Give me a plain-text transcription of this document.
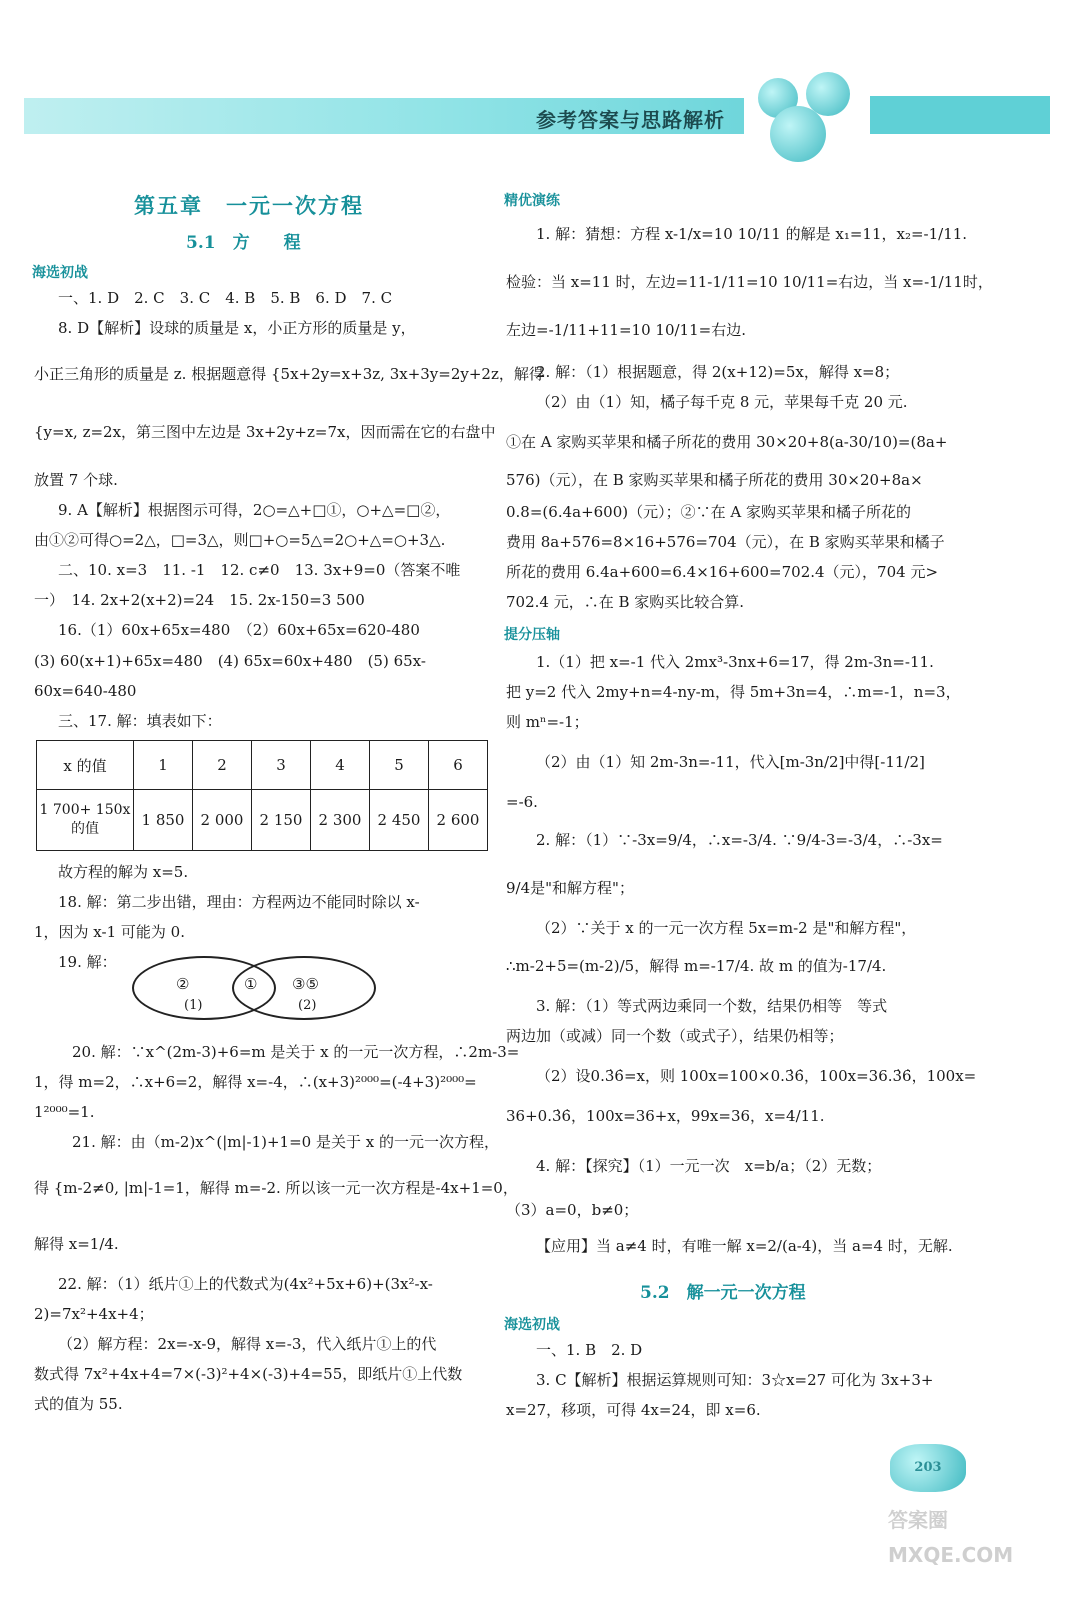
参考答案与思路解析
第五章　一元一次方程
5.1　方　　程
海选初战
一、1. D　2. C　3. C　4. B　5. B　6. D　7. C
8. D【解析】设球的质量是 x，小正方形的质量是 y，
小正三角形的质量是 z. 根据题意得 {5x+2y=x+3z, 3x+3y=2y+2z，解得
{y=x, z=2x，第三图中左边是 3x+2y+z=7x，因而需在它的右盘中
放置 7 个球.
9. A【解析】根据图示可得，2○=△+□①，○+△=□②，
由①②可得○=2△，□=3△，则□+○=5△=2○+△=○+3△.
二、10. x=3　11. -1　12. c≠0　13. 3x+9=0（答案不唯
一）　14. 2x+2(x+2)=24　15. 2x-150=3 500
16.（1）60x+65x=480　（2）60x+65x=620-480
(3) 60(x+1)+65x=480　(4) 65x=60x+480　(5) 65x-
60x=640-480
三、17. 解：填表如下：
x 的值	1	2	3	4	5	6
1 700+ 150x 的值	1 850	2 000	2 150	2 300	2 450	2 600
故方程的解为 x=5.
18. 解：第二步出错，理由：方程两边不能同时除以 x-
1，因为 x-1 可能为 0.
19. 解：
②
(1)
① ③⑤
(2)
20. 解：∵x^(2m-3)+6=m 是关于 x 的一元一次方程，∴2m-3=
1，得 m=2，∴x+6=2，解得 x=-4，∴(x+3)²⁰⁰⁰=(-4+3)²⁰⁰⁰=
1²⁰⁰⁰=1.
21. 解：由（m-2)x^(|m|-1)+1=0 是关于 x 的一元一次方程，
得 {m-2≠0, |m|-1=1，解得 m=-2. 所以该一元一次方程是-4x+1=0，
解得 x=1/4.
22. 解：（1）纸片①上的代数式为(4x²+5x+6)+(3x²-x-
2)=7x²+4x+4；
（2）解方程：2x=-x-9，解得 x=-3，代入纸片①上的代
数式得 7x²+4x+4=7×(-3)²+4×(-3)+4=55，即纸片①上代数
式的值为 55.
精优演练
1. 解：猜想：方程 x-1/x=10 10/11 的解是 x₁=11，x₂=-1/11.
检验：当 x=11 时，左边=11-1/11=10 10/11=右边，当 x=-1/11时，
左边=-1/11+11=10 10/11=右边.
2. 解：（1）根据题意，得 2(x+12)=5x，解得 x=8；
（2）由（1）知，橘子每千克 8 元，苹果每千克 20 元.
①在 A 家购买苹果和橘子所花的费用 30×20+8(a-30/10)=(8a+
576)（元），在 B 家购买苹果和橘子所花的费用 30×20+8a×
0.8=(6.4a+600)（元）；②∵在 A 家购买苹果和橘子所花的
费用 8a+576=8×16+576=704（元），在 B 家购买苹果和橘子
所花的费用 6.4a+600=6.4×16+600=702.4（元），704 元>
702.4 元，∴在 B 家购买比较合算.
提分压轴
1.（1）把 x=-1 代入 2mx³-3nx+6=17，得 2m-3n=-11.
把 y=2 代入 2my+n=4-ny-m，得 5m+3n=4，∴m=-1，n=3，
则 mⁿ=-1；
（2）由（1）知 2m-3n=-11，代入[m-3n/2]中得[-11/2]
=-6.
2. 解：（1）∵-3x=9/4，∴x=-3/4. ∵9/4-3=-3/4，∴-3x=
9/4是"和解方程"；
（2）∵关于 x 的一元一次方程 5x=m-2 是"和解方程"，
∴m-2+5=(m-2)/5，解得 m=-17/4. 故 m 的值为-17/4.
3. 解：（1）等式两边乘同一个数，结果仍相等　等式
两边加（或减）同一个数（或式子），结果仍相等；
（2）设0.3̇6̇=x，则 100x=100×0.3̇6̇，100x=36.3̇6̇，100x=
36+0.3̇6̇，100x=36+x，99x=36，x=4/11.
4. 解：【探究】（1）一元一次　x=b/a；（2）无数；
（3）a=0，b≠0；
【应用】当 a≠4 时，有唯一解 x=2/(a-4)，当 a=4 时，无解.
5.2　解一元一次方程
海选初战
一、1. B　2. D
3. C【解析】根据运算规则可知：3☆x=27 可化为 3x+3+
x=27，移项，可得 4x=24，即 x=6.
203
答案圈 MXQE.COM
